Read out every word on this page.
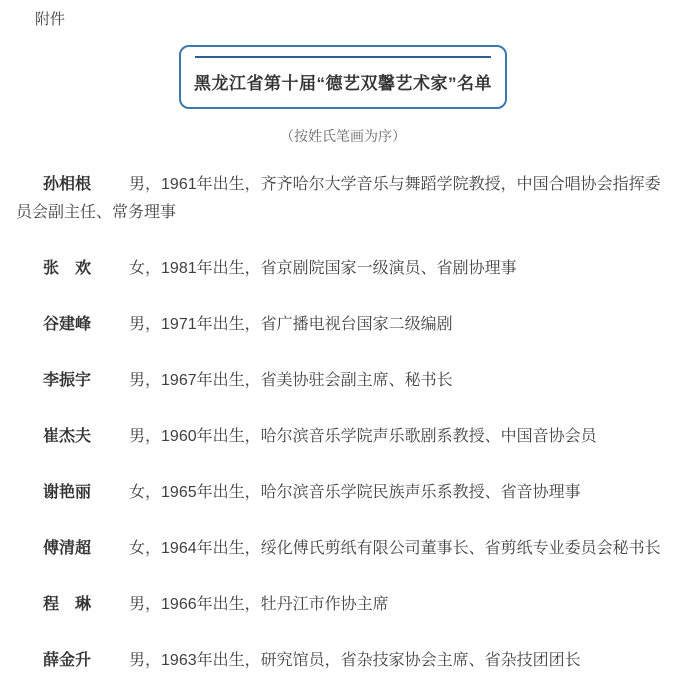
附件
黑龙江省第十届“德艺双馨艺术家”名单
（按姓氏笔画为序）

孙相根 男，1961年出生，齐齐哈尔大学音乐与舞蹈学院教授，中国合唱协会指挥委员会副主任、常务理事

张　欢 女，1981年出生，省京剧院国家一级演员、省剧协理事

谷建峰 男，1971年出生，省广播电视台国家二级编剧

李振宇 男，1967年出生，省美协驻会副主席、秘书长

崔杰夫 男，1960年出生，哈尔滨音乐学院声乐歌剧系教授、中国音协会员

谢艳丽 女，1965年出生，哈尔滨音乐学院民族声乐系教授、省音协理事

傅清超 女，1964年出生，绥化傅氏剪纸有限公司董事长、省剪纸专业委员会秘书长

程　琳 男，1966年出生，牡丹江市作协主席

薛金升 男，1963年出生，研究馆员，省杂技家协会主席、省杂技团团长
